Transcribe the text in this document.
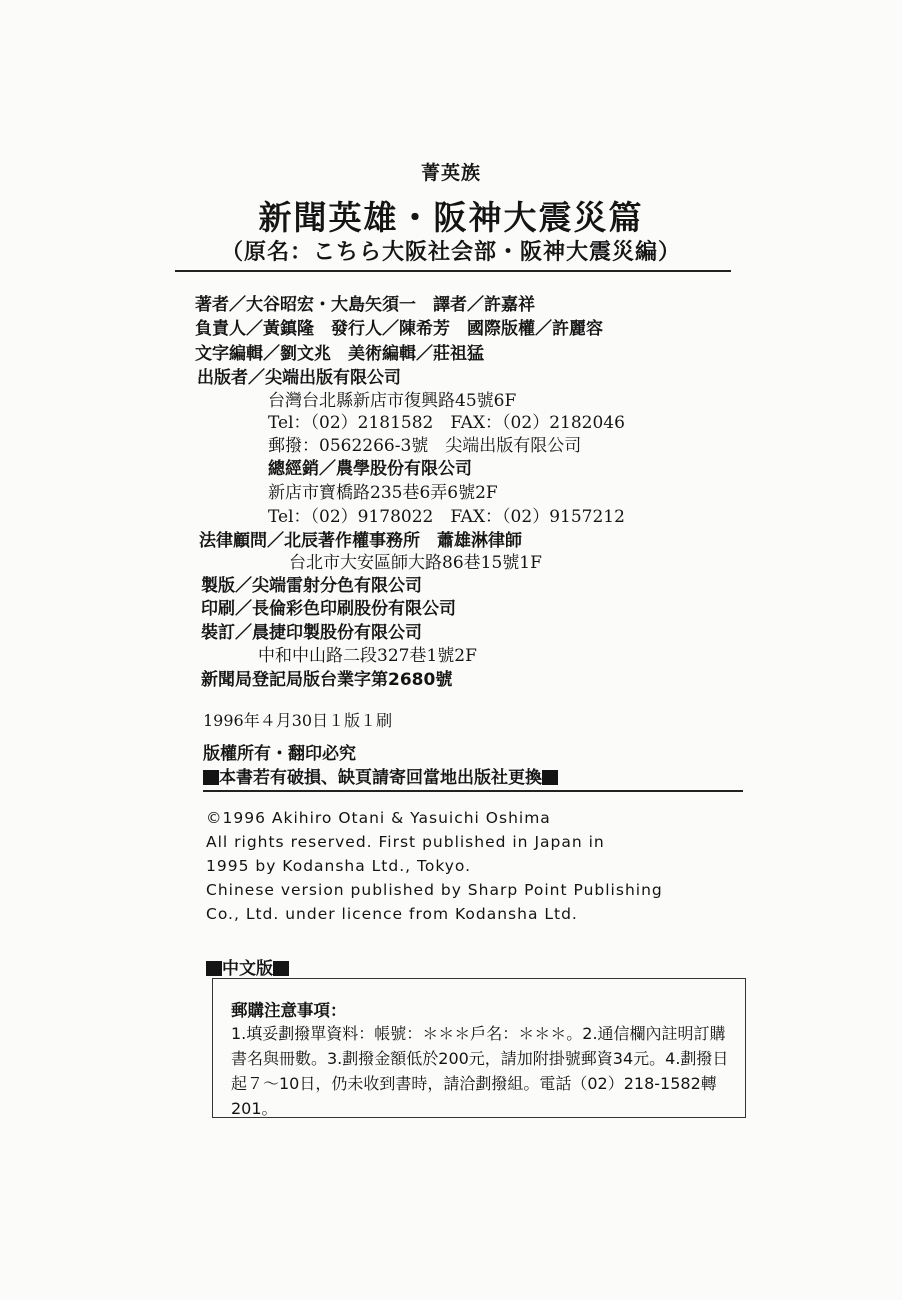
菁英族
新聞英雄・阪神大震災篇
（原名：こちら大阪社会部・阪神大震災編）
著者／大谷昭宏・大島矢須一　譯者／許嘉祥
負責人／黃鎮隆　發行人／陳希芳　國際版權／許麗容
文字編輯／劉文兆　美術編輯／莊祖猛
出版者／尖端出版有限公司
台灣台北縣新店市復興路45號6F
Tel：（02）2181582　FAX：（02）2182046
郵撥：0562266-3號　尖端出版有限公司
總經銷／農學股份有限公司
新店市寶橋路235巷6弄6號2F
Tel：（02）9178022　FAX：（02）9157212
法律顧問／北辰著作權事務所　蕭雄淋律師
台北市大安區師大路86巷15號1F
製版／尖端雷射分色有限公司
印刷／長倫彩色印刷股份有限公司
裝訂／晨捷印製股份有限公司
中和中山路二段327巷1號2F
新聞局登記局版台業字第2680號
1996年４月30日１版１刷
版權所有・翻印必究
本書若有破損、缺頁請寄回當地出版社更換
©1996 Akihiro Otani & Yasuichi Oshima
All rights reserved. First published in Japan in
1995 by Kodansha Ltd., Tokyo.
Chinese version published by Sharp Point Publishing
Co., Ltd. under licence from Kodansha Ltd.
中文版
郵購注意事項：
1.填妥劃撥單資料：帳號：＊＊＊戶名：＊＊＊。2.通信欄內註明訂購書名與冊數。3.劃撥金額低於200元，請加附掛號郵資34元。4.劃撥日起７～10日，仍未收到書時，請洽劃撥組。電話（02）218-1582轉201。
